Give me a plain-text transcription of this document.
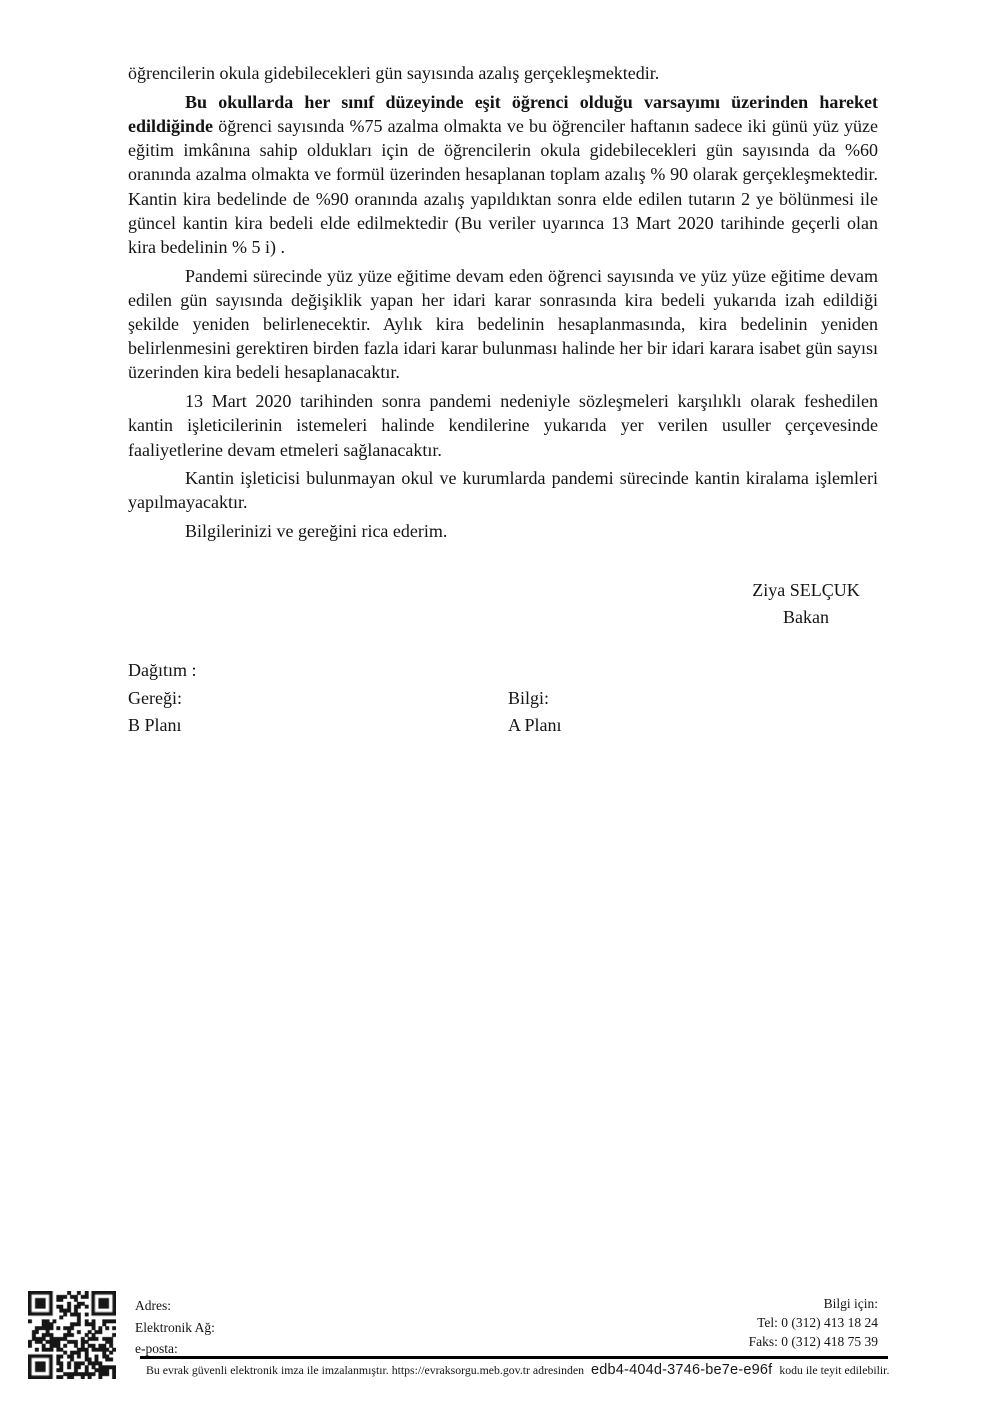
öğrencilerin okula gidebilecekleri gün sayısında azalış gerçekleşmektedir.

Bu okullarda her sınıf düzeyinde eşit öğrenci olduğu varsayımı üzerinden hareket edildiğinde öğrenci sayısında %75 azalma olmakta ve bu öğrenciler haftanın sadece iki günü yüz yüze eğitim imkânına sahip oldukları için de öğrencilerin okula gidebilecekleri gün sayısında da %60 oranında azalma olmakta ve formül üzerinden hesaplanan toplam azalış % 90 olarak gerçekleşmektedir. Kantin kira bedelinde de %90 oranında azalış yapıldıktan sonra elde edilen tutarın 2 ye bölünmesi ile güncel kantin kira bedeli elde edilmektedir (Bu veriler uyarınca 13 Mart 2020 tarihinde geçerli olan kira bedelinin % 5 i) .

Pandemi sürecinde yüz yüze eğitime devam eden öğrenci sayısında ve yüz yüze eğitime devam edilen gün sayısında değişiklik yapan her idari karar sonrasında kira bedeli yukarıda izah edildiği şekilde yeniden belirlenecektir. Aylık kira bedelinin hesaplanmasında, kira bedelinin yeniden belirlenmesini gerektiren birden fazla idari karar bulunması halinde her bir idari karara isabet gün sayısı üzerinden kira bedeli hesaplanacaktır.

13 Mart 2020 tarihinden sonra pandemi nedeniyle sözleşmeleri karşılıklı olarak feshedilen kantin işleticilerinin istemeleri halinde kendilerine yukarıda yer verilen usuller çerçevesinde faaliyetlerine devam etmeleri sağlanacaktır.

Kantin işleticisi bulunmayan okul ve kurumlarda pandemi sürecinde kantin kiralama işlemleri yapılmayacaktır.

Bilgilerinizi ve gereğini rica ederim.

Ziya SELÇUK
Bakan
Dağıtım :
Gereği:	Bilgi:
B Planı	A Planı
Adres:
Elektronik Ağ:
e-posta:
Bilgi için:
Tel: 0 (312) 413 18 24
Faks: 0 (312) 418 75 39
Bu evrak güvenli elektronik imza ile imzalanmıştır. https://evraksorgu.meb.gov.tr adresinden edb4-404d-3746-be7e-e96f kodu ile teyit edilebilir.
